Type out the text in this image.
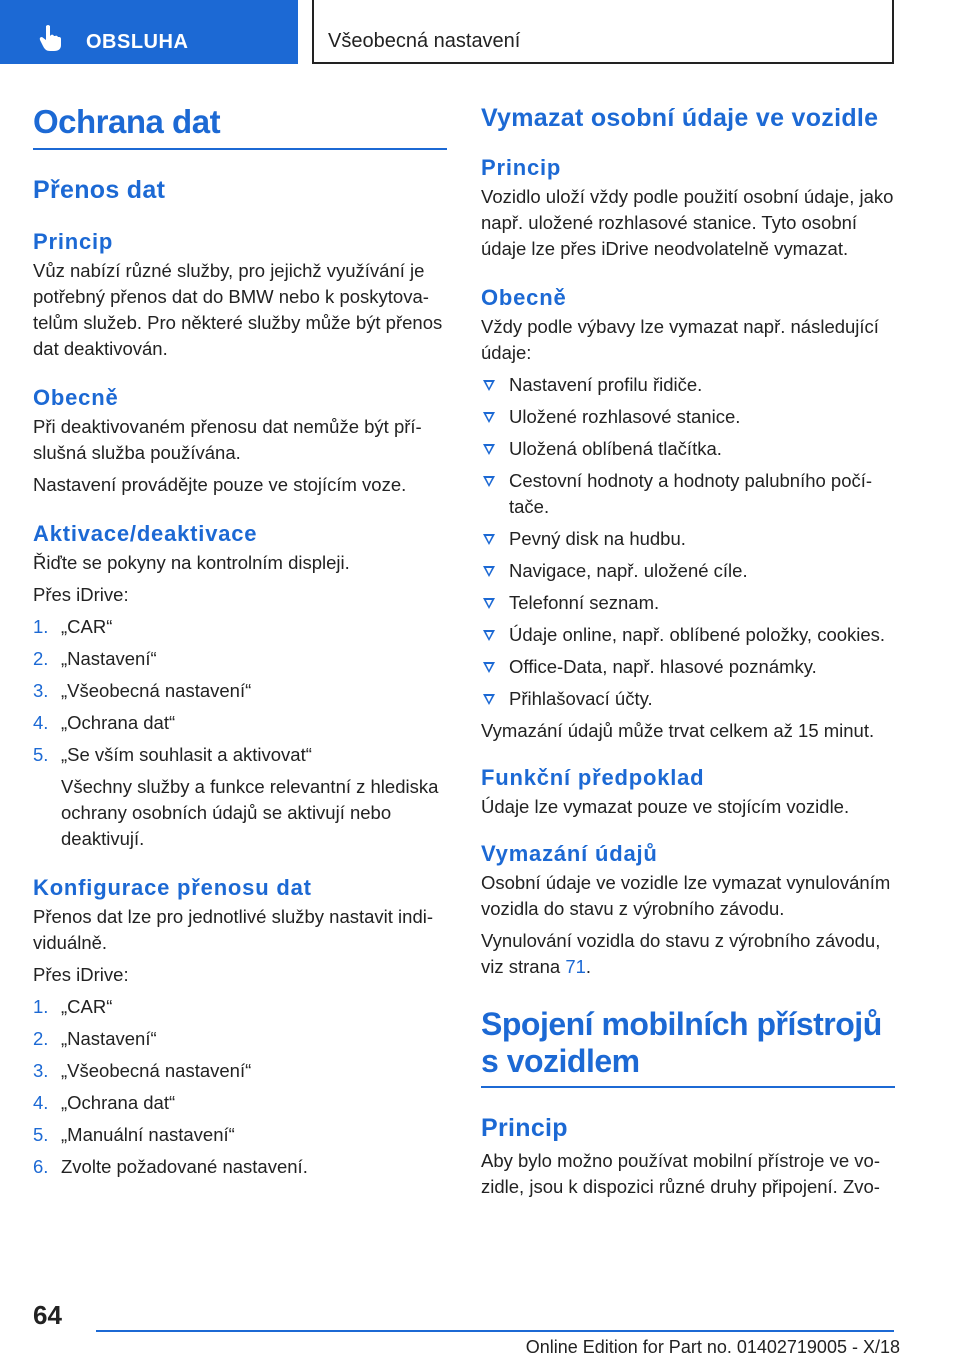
OBSLUHA	Všeobecná nastavení
Ochrana dat
Přenos dat
Princip

Vůz nabízí různé služby, pro jejichž využívání je potřebný přenos dat do BMW nebo k poskytovatelům služeb. Pro některé služby může být přenos dat deaktivován.

Obecně

Při deaktivovaném přenosu dat nemůže být příslušná služba používána.

Nastavení provádějte pouze ve stojícím voze.

Aktivace/deaktivace

Řiďte se pokyny na kontrolním displeji.

Přes iDrive:

1. „CAR“
2. „Nastavení“
3. „Všeobecná nastavení“
4. „Ochrana dat“
5. „Se vším souhlasit a aktivovat“

Všechny služby a funkce relevantní z hlediska ochrany osobních údajů se aktivují nebo deaktivují.

Konfigurace přenosu dat

Přenos dat lze pro jednotlivé služby nastavit individuálně.

Přes iDrive:

1. „CAR“
2. „Nastavení“
3. „Všeobecná nastavení“
4. „Ochrana dat“
5. „Manuální nastavení“
6. Zvolte požadované nastavení.
Vymazat osobní údaje ve vozidle
Princip

Vozidlo uloží vždy podle použití osobní údaje, jako např. uložené rozhlasové stanice. Tyto osobní údaje lze přes iDrive neodvolatelně vymazat.

Obecně

Vždy podle výbavy lze vymazat např. následující údaje:

Nastavení profilu řidiče.
Uložené rozhlasové stanice.
Uložená oblíbená tlačítka.
Cestovní hodnoty a hodnoty palubního počítače.
Pevný disk na hudbu.
Navigace, např. uložené cíle.
Telefonní seznam.
Údaje online, např. oblíbené položky, cookies.
Office-Data, např. hlasové poznámky.
Přihlašovací účty.

Vymazání údajů může trvat celkem až 15 minut.

Funkční předpoklad

Údaje lze vymazat pouze ve stojícím vozidle.

Vymazání údajů

Osobní údaje ve vozidle lze vymazat vynulováním vozidla do stavu z výrobního závodu.

Vynulování vozidla do stavu z výrobního závodu, viz strana 71.

Spojení mobilních přístrojů s vozidlem
Princip

Aby bylo možno používat mobilní přístroje ve vozidle, jsou k dispozici různé druhy připojení. Zvo-

64
Online Edition for Part no. 01402719005 - X/18
